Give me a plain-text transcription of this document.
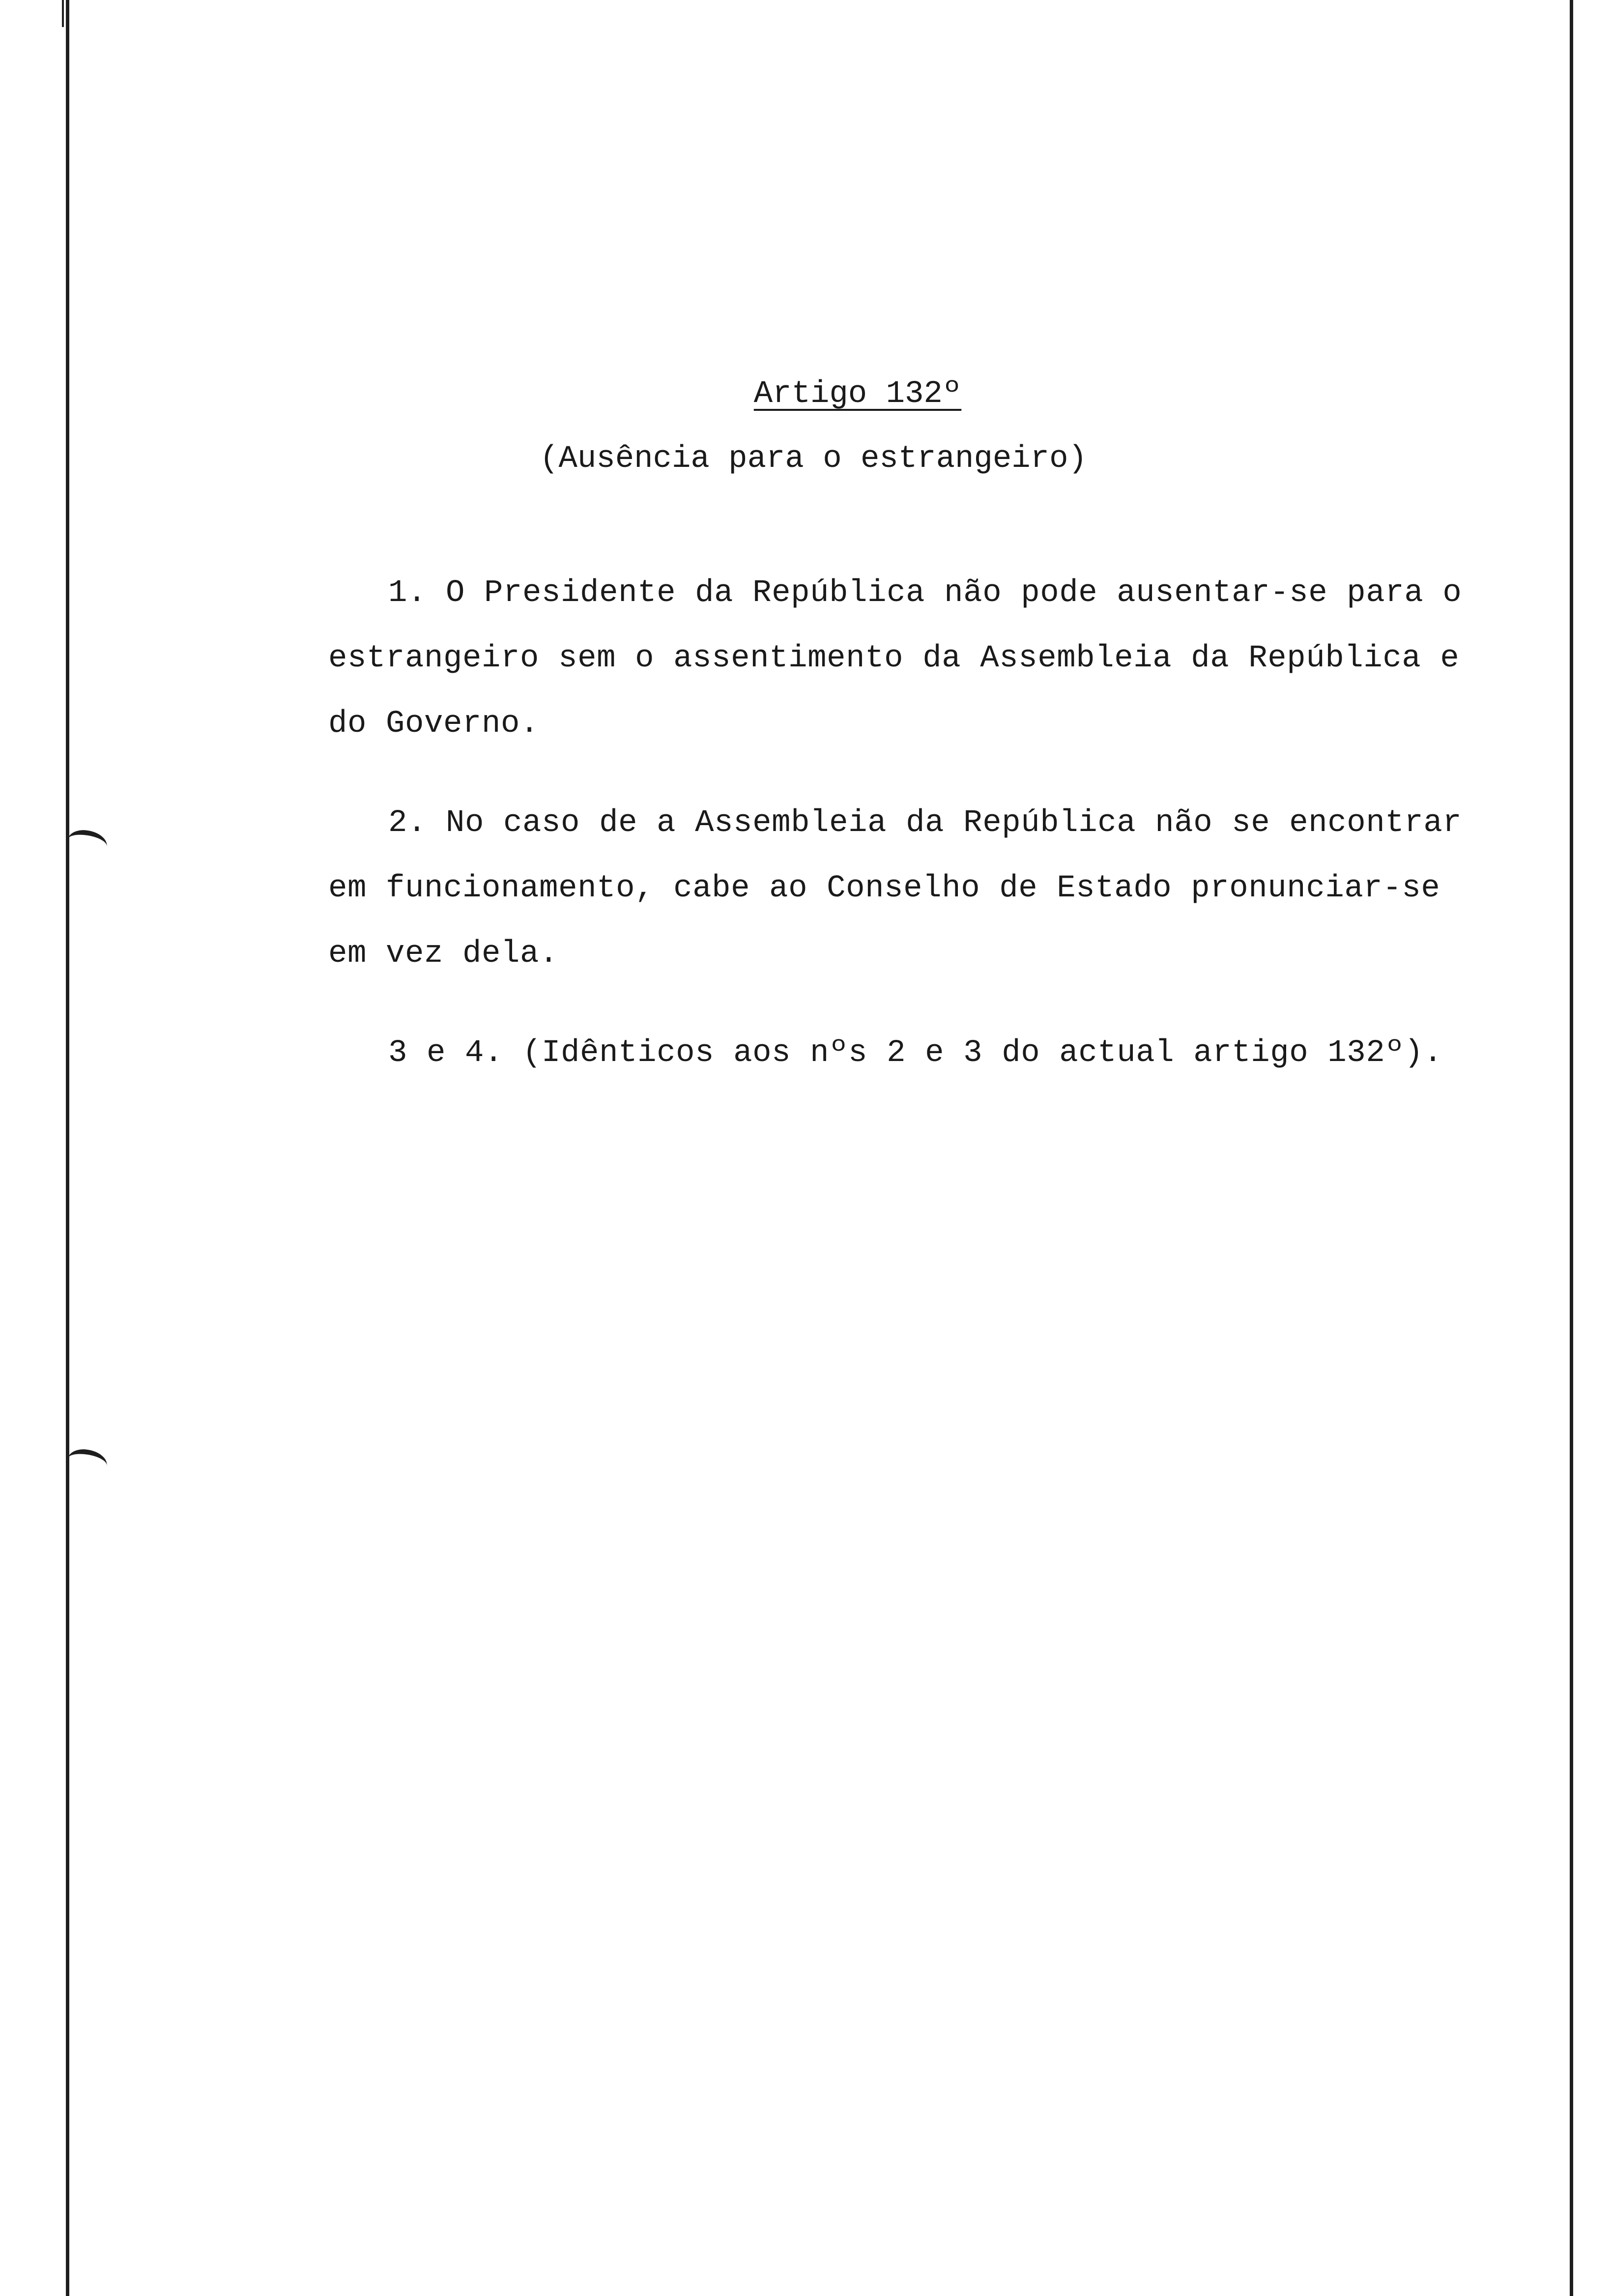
Artigo 132º
(Ausência para o estrangeiro)
1. O Presidente da República não pode ausentar-se para o
estrangeiro sem o assentimento da Assembleia da República e
do Governo.
2. No caso de a Assembleia da República não se encontrar
em funcionamento, cabe ao Conselho de Estado pronunciar-se
em vez dela.
3 e 4. (Idênticos aos nºs 2 e 3 do actual artigo 132º).
